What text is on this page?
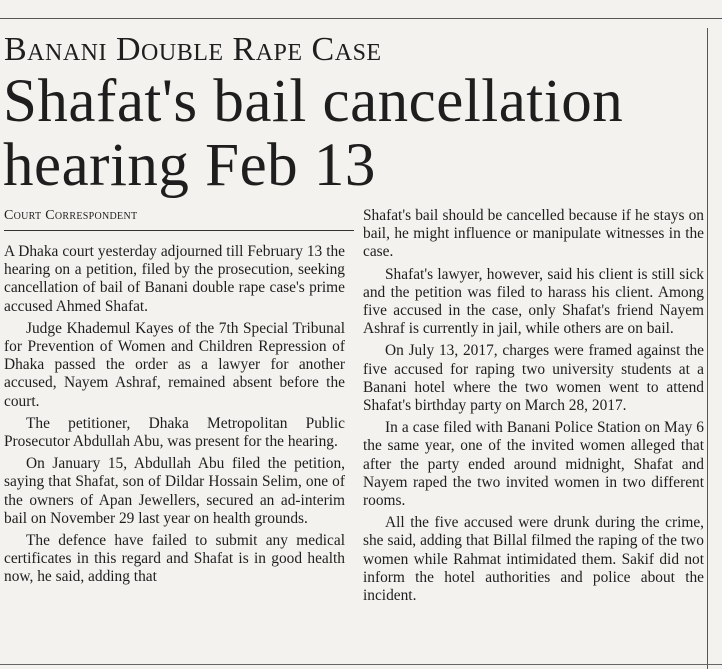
Banani Double Rape Case
Shafat's bail cancellation hearing Feb 13
Court Correspondent

A Dhaka court yesterday adjourned till February 13 the hearing on a petition, filed by the prosecution, seeking cancellation of bail of Banani double rape case's prime accused Ahmed Shafat.

Judge Khademul Kayes of the 7th Special Tribunal for Prevention of Women and Children Repression of Dhaka passed the order as a lawyer for another accused, Nayem Ashraf, remained absent before the court.

The petitioner, Dhaka Metropolitan Public Prosecutor Abdullah Abu, was present for the hearing.

On January 15, Abdullah Abu filed the petition, saying that Shafat, son of Dildar Hossain Selim, one of the owners of Apan Jewellers, secured an ad-interim bail on November 29 last year on health grounds.

The defence have failed to submit any medical certificates in this regard and Shafat is in good health now, he said, adding that

Shafat's bail should be cancelled because if he stays on bail, he might influence or manipulate witnesses in the case.

Shafat's lawyer, however, said his client is still sick and the petition was filed to harass his client. Among five accused in the case, only Shafat's friend Nayem Ashraf is currently in jail, while others are on bail.

On July 13, 2017, charges were framed against the five accused for raping two university students at a Banani hotel where the two women went to attend Shafat's birthday party on March 28, 2017.

In a case filed with Banani Police Station on May 6 the same year, one of the invited women alleged that after the party ended around midnight, Shafat and Nayem raped the two invited women in two different rooms.

All the five accused were drunk during the crime, she said, adding that Billal filmed the raping of the two women while Rahmat intimidated them. Sakif did not inform the hotel authorities and police about the incident.
